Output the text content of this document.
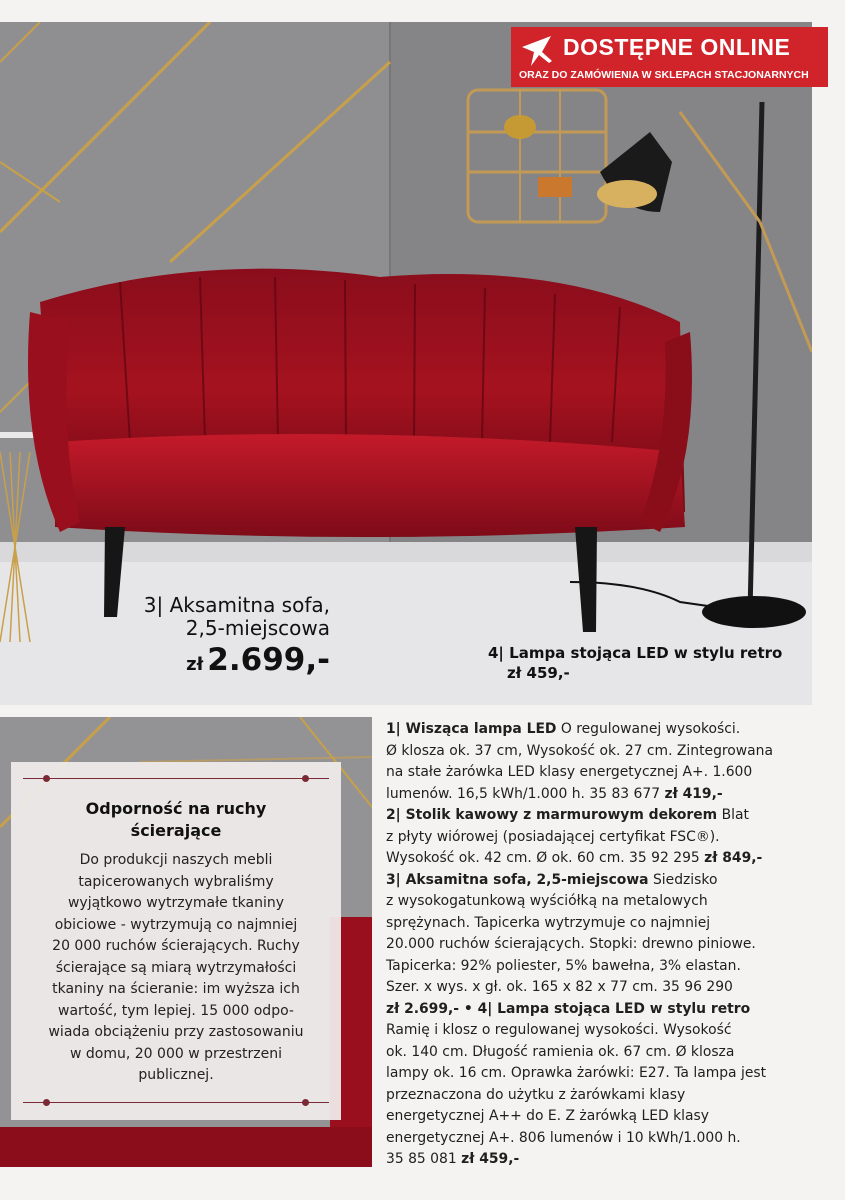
DOSTĘPNE ONLINE
ORAZ DO ZAMÓWIENIA W SKLEPACH STACJONARNYCH
3| Aksamitna sofa,
2,5-miejscowa
zł 2.699,-	4| Lampa stojąca LED w stylu retro
zł 459,-
Odporność na ruchy
ścierające
Do produkcji naszych mebli
tapicerowanych wybraliśmy
wyjątkowo wytrzymałe tkaniny
obiciowe - wytrzymują co najmniej
20 000 ruchów ścierających. Ruchy
ścierające są miarą wytrzymałości
tkaniny na ścieranie: im wyższa ich
wartość, tym lepiej. 15 000 odpo-
wiada obciążeniu przy zastosowaniu
w domu, 20 000 w przestrzeni
publicznej.

1| Wisząca lampa LED O regulowanej wysokości.

Ø klosza ok. 37 cm, Wysokość ok. 27 cm. Zintegrowana

na stałe żarówka LED klasy energetycznej A+. 1.600

lumenów. 16,5 kWh/1.000 h. 35 83 677 zł 419,-

2| Stolik kawowy z marmurowym dekorem Blat

z płyty wiórowej (posiadającej certyfikat FSC®).

Wysokość ok. 42 cm. Ø ok. 60 cm. 35 92 295 zł 849,-

3| Aksamitna sofa, 2,5-miejscowa Siedzisko

z wysokogatunkową wyściółką na metalowych

sprężynach. Tapicerka wytrzymuje co najmniej

20.000 ruchów ścierających. Stopki: drewno piniowe.

Tapicerka: 92% poliester, 5% bawełna, 3% elastan.

Szer. x wys. x gł. ok. 165 x 82 x 77 cm. 35 96 290

zł 2.699,- • 4| Lampa stojąca LED w stylu retro

Ramię i klosz o regulowanej wysokości. Wysokość

ok. 140 cm. Długość ramienia ok. 67 cm. Ø klosza

lampy ok. 16 cm. Oprawka żarówki: E27. Ta lampa jest

przeznaczona do użytku z żarówkami klasy

energetycznej A++ do E. Z żarówką LED klasy

energetycznej A+. 806 lumenów i 10 kWh/1.000 h.

35 85 081 zł 459,-
